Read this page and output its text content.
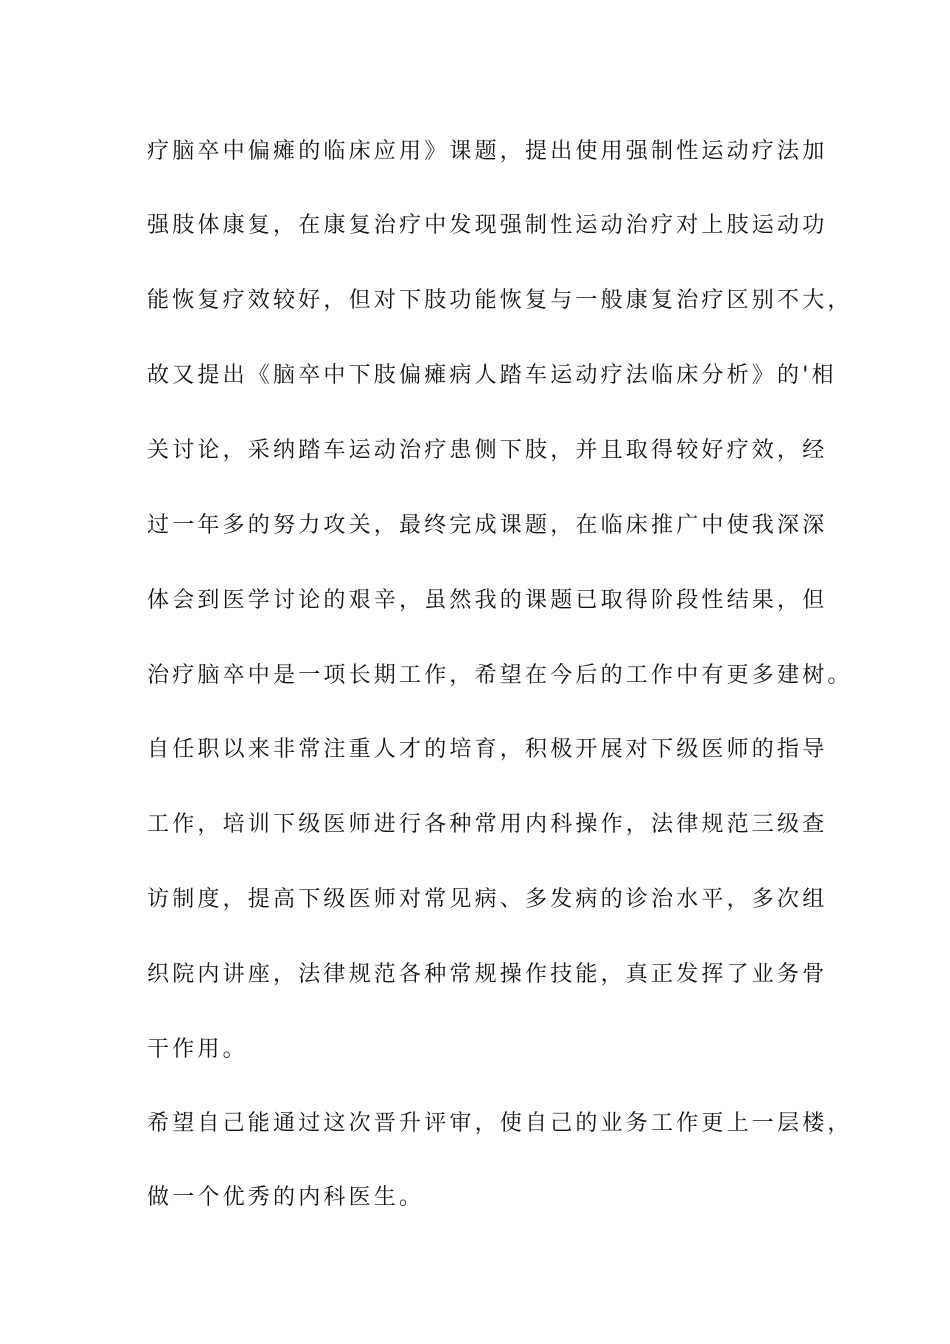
疗脑卒中偏瘫的临床应用》课题，提出使用强制性运动疗法加
强肢体康复，在康复治疗中发现强制性运动治疗对上肢运动功
能恢复疗效较好，但对下肢功能恢复与一般康复治疗区别不大，
故又提出《脑卒中下肢偏瘫病人踏车运动疗法临床分析》的'相
关讨论，采纳踏车运动治疗患侧下肢，并且取得较好疗效，经
过一年多的努力攻关，最终完成课题，在临床推广中使我深深
体会到医学讨论的艰辛，虽然我的课题已取得阶段性结果，但
治疗脑卒中是一项长期工作，希望在今后的工作中有更多建树。
自任职以来非常注重人才的培育，积极开展对下级医师的指导
工作，培训下级医师进行各种常用内科操作，法律规范三级查
访制度，提高下级医师对常见病、多发病的诊治水平，多次组
织院内讲座，法律规范各种常规操作技能，真正发挥了业务骨
干作用。
希望自己能通过这次晋升评审，使自己的业务工作更上一层楼，
做一个优秀的内科医生。
